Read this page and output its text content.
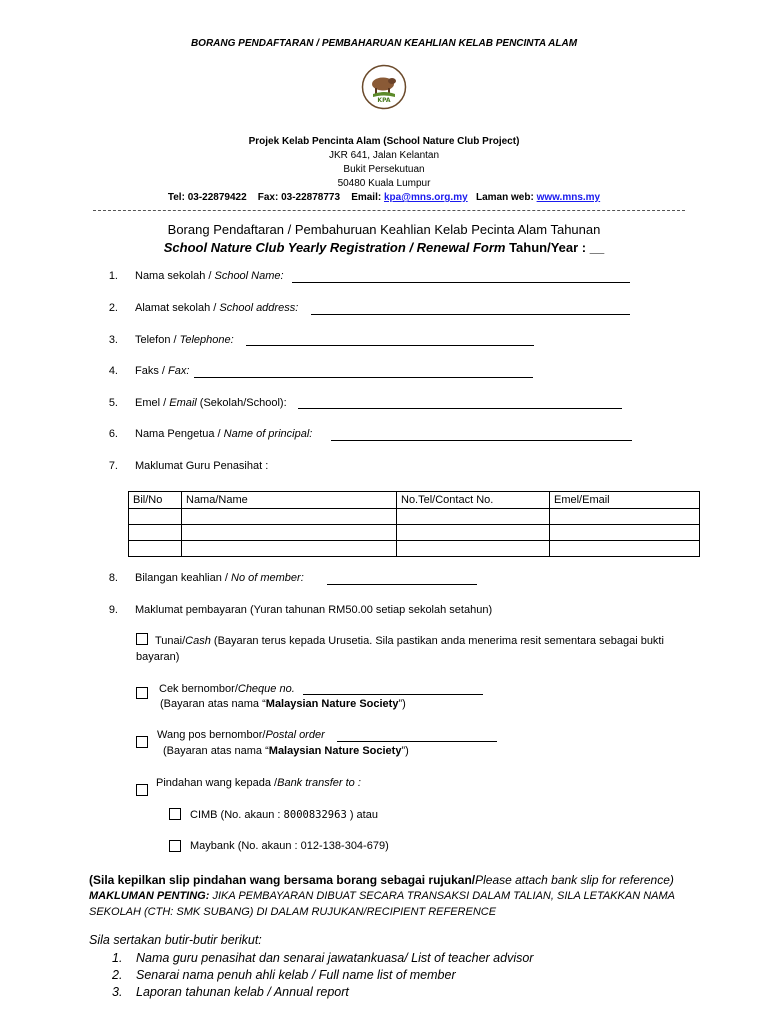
BORANG PENDAFTARAN / PEMBAHARUAN KEAHLIAN KELAB PENCINTA ALAM
KPA
Projek Kelab Pencinta Alam (School Nature Club Project)
JKR 641, Jalan Kelantan
Bukit Persekutuan
50480 Kuala Lumpur
Tel: 03-22879422 Fax: 03-22878773 Email: kpa@mns.org.my Laman web: www.mns.my
Borang Pendaftaran / Pembahuruan Keahlian Kelab Pecinta Alam Tahunan
School Nature Club Yearly Registration / Renewal Form Tahun/Year : __
1. Nama sekolah / School Name:
2. Alamat sekolah / School address:
3. Telefon / Telephone:
4. Faks / Fax:
5. Emel / Email (Sekolah/School):
6. Nama Pengetua / Name of principal:
7. Maklumat Guru Penasihat :
Bil/No	Nama/Name	No.Tel/Contact No.	Emel/Email

8. Bilangan keahlian / No of member:
9. Maklumat pembayaran (Yuran tahunan RM50.00 setiap sekolah setahun)
Tunai/Cash (Bayaran terus kepada Urusetia. Sila pastikan anda menerima resit sementara sebagai bukti
bayaran)
Cek bernombor/Cheque no.
(Bayaran atas nama “Malaysian Nature Society”)
Wang pos bernombor/Postal order
(Bayaran atas nama “Malaysian Nature Society”)
Pindahan wang kepada /Bank transfer to :
CIMB (No. akaun : 8000832963 ) atau
Maybank (No. akaun : 012-138-304-679)
(Sila kepilkan slip pindahan wang bersama borang sebagai rujukan/Please attach bank slip for reference)
MAKLUMAN PENTING: JIKA PEMBAYARAN DIBUAT SECARA TRANSAKSI DALAM TALIAN, SILA LETAKKAN NAMA
SEKOLAH (CTH: SMK SUBANG) DI DALAM RUJUKAN/RECIPIENT REFERENCE
Sila sertakan butir-butir berikut:
1. Nama guru penasihat dan senarai jawatankuasa/ List of teacher advisor
2. Senarai nama penuh ahli kelab / Full name list of member
3. Laporan tahunan kelab / Annual report
